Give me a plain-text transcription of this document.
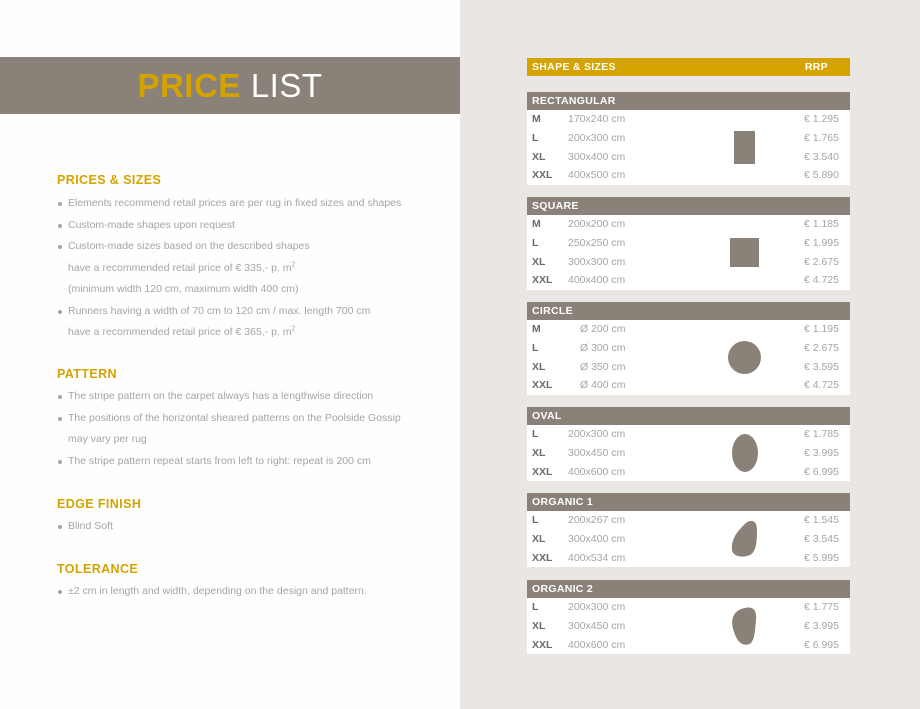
PRICE LIST
PRICES & SIZES
Elements recommend retail prices are per rug in fixed sizes and shapes
Custom-made shapes upon request
Custom-made sizes based on the described shapes
have a recommended retail price of € 335,- p. $m^2$
(minimum width 120 cm, maximum width 400 cm)
Runners having a width of 70 cm to 120 cm / max. length 700 cm
have a recommended retail price of € 365,- p. $m^2$
PATTERN
The stripe pattern on the carpet always has a lengthwise direction
The positions of the horizontal sheared patterns on the Poolside Gossip
may vary per rug
The stripe pattern repeat starts from left to right: repeat is 200 cm
EDGE FINISH
Blind Soft
TOLERANCE
±2 cm in length and width, depending on the design and pattern.
SHAPE & SIZES	RRP
RECTANGULAR
M	170x240 cm	€ 1.295
L	200x300 cm	€ 1.765
XL 300x400 cm	€ 3.540
XXL 400x500 cm	€ 5.890
SQUARE
M	200x200 cm	€ 1.185
L	250x250 cm	€ 1.995
XL 300x300 cm	€ 2.675
XXL 400x400 cm	€ 4.725
CIRCLE
M	Ø 200 cm	€ 1.195
L	Ø 300 cm	€ 2.675
XL	Ø 350 cm	€ 3.595
XXL	Ø 400 cm	€ 4.725
OVAL
L	200x300 cm	€ 1.785
XL 300x450 cm	€ 3.995
XXL 400x600 cm	€ 6.995
ORGANIC 1
L	200x267 cm	€ 1.545
XL 300x400 cm	€ 3.545
XXL 400x534 cm	€ 5.995
ORGANIC 2
L	200x300 cm	€ 1.775
XL 300x450 cm	€ 3.995
XXL 400x600 cm	€ 6.995
